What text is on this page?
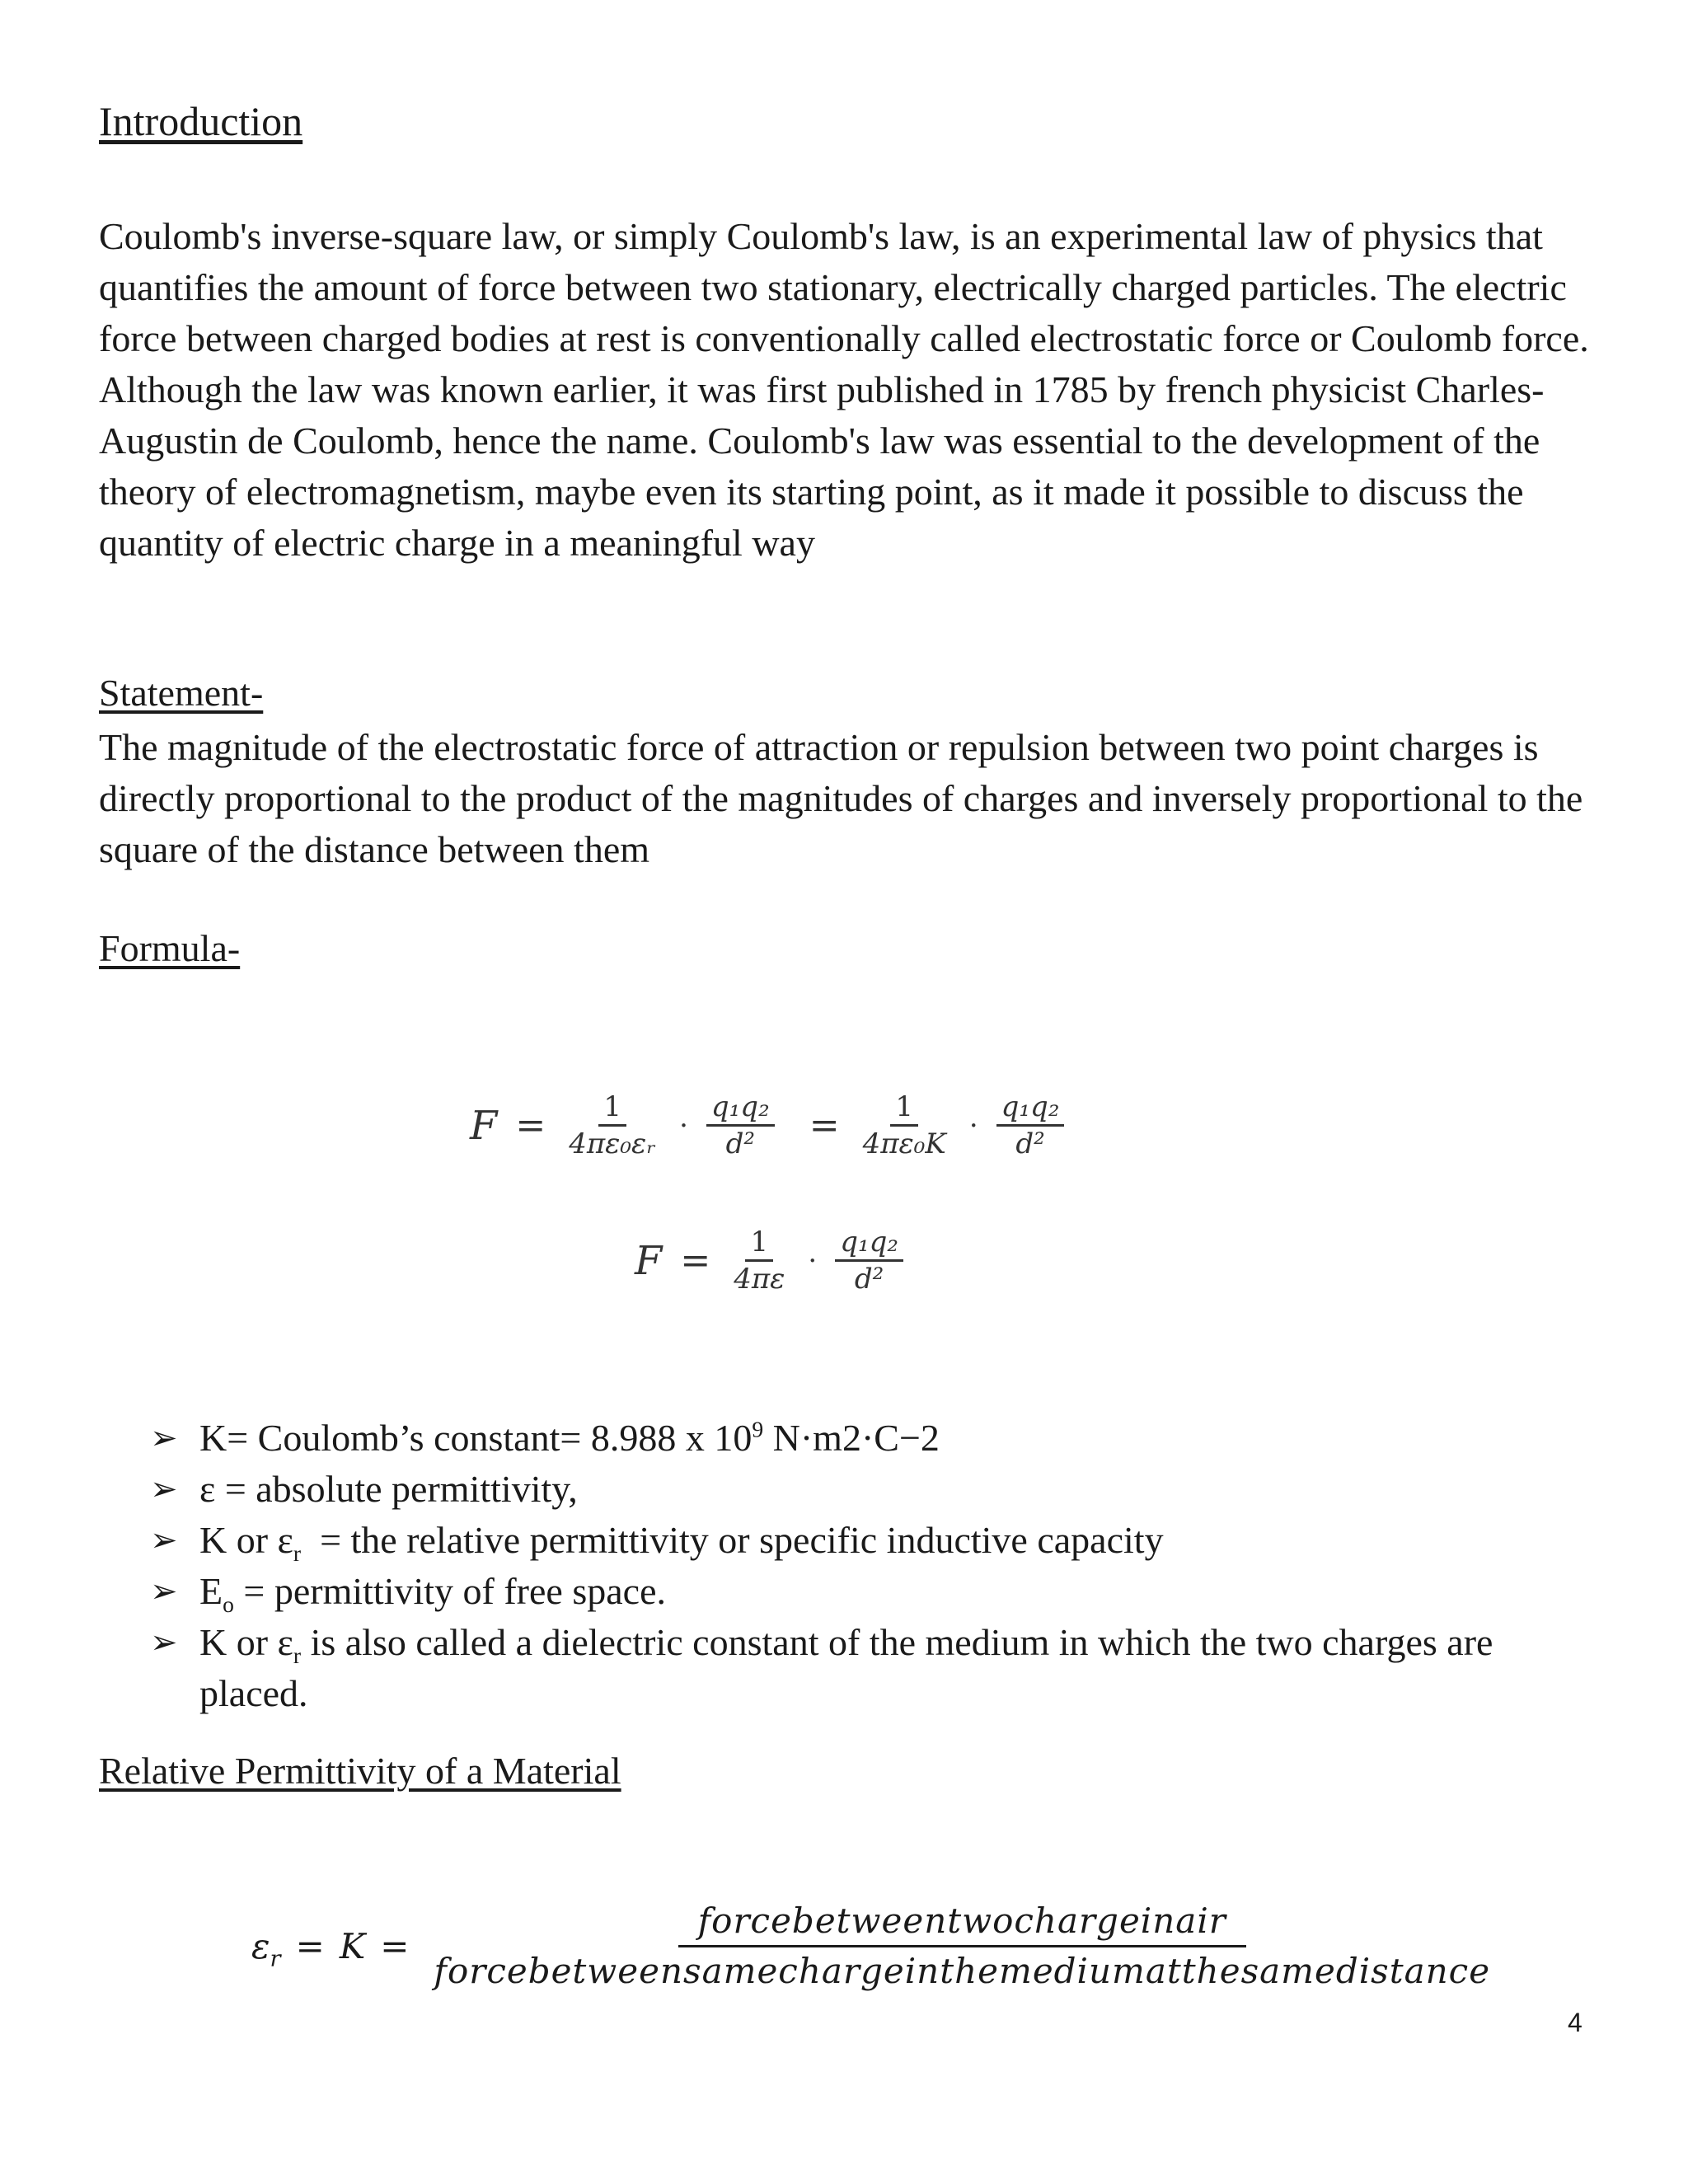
Introduction

Coulomb's inverse-square law, or simply Coulomb's law, is an experimental law of physics that quantifies the amount of force between two stationary, electrically charged particles. The electric force between charged bodies at rest is conventionally called electrostatic force or Coulomb force.

Although the law was known earlier, it was first published in 1785 by french physicist Charles-Augustin de Coulomb, hence the name. Coulomb's law was essential to the development of the theory of electromagnetism, maybe even its starting point, as it made it possible to discuss the quantity of electric charge in a meaningful way

Statement-

The magnitude of the electrostatic force of attraction or repulsion between two point charges is directly proportional to the product of the magnitudes of charges and inversely proportional to the square of the distance between them

Formula-
$F = \frac{1}{\text{4πε₀εᵣ}} \cdot \frac{\text{q₁q₂}}{\text{d²}} = \frac{1}{\text{4πε₀K}} \cdot \frac{\text{q₁q₂}}{\text{d²}}$
$F = \frac{1}{4\pi\varepsilon} \cdot \frac{\text{q₁q₂}}{\text{d²}}$
➢ K= Coulomb’s constant= 8.988 x $10^9$ N·m2·C−2
➢ ε = absolute permittivity,
➢ K or $\varepsilon_r$  = the relative permittivity or specific inductive capacity
➢ $E_o$ = permittivity of free space.
➢ K or $\varepsilon_r$ is also called a dielectric constant of the medium in which the two charges are placed.
Relative Permittivity of a Material
$\varepsilon_r = K = \frac{\text{forcebetweentwochargeinair}}{\text{forcebetweensamechargeinthemediumatthesamedistance}}$
4
